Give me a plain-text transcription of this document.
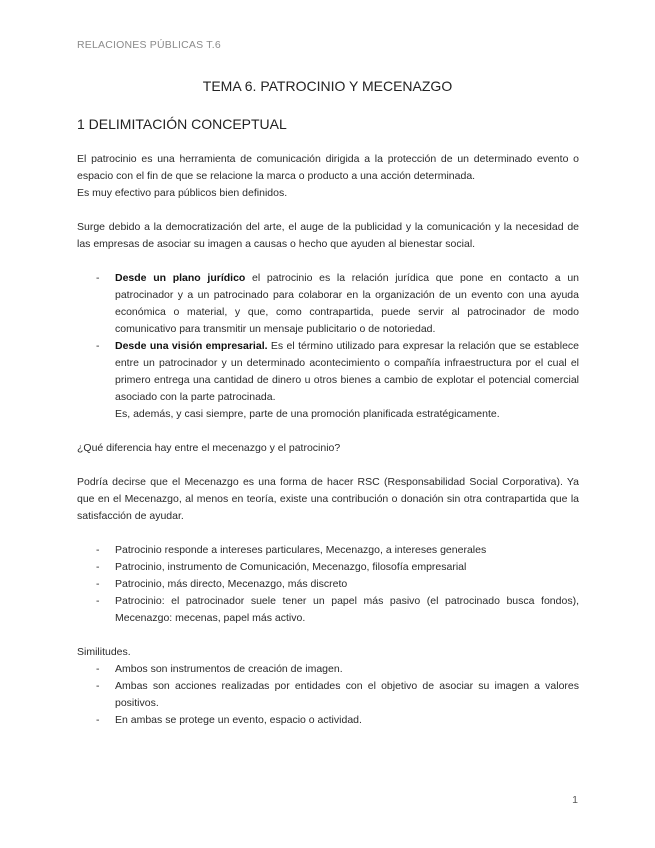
RELACIONES PÚBLICAS T.6
TEMA 6. PATROCINIO Y MECENAZGO
1 DELIMITACIÓN CONCEPTUAL

El patrocinio es una herramienta de comunicación dirigida a la protección de un determinado evento o espacio con el fin de que se relacione la marca o producto a una acción determinada.
Es muy efectivo para públicos bien definidos.

Surge debido a la democratización del arte, el auge de la publicidad y la comunicación y la necesidad de las empresas de asociar su imagen a causas o hecho que ayuden al bienestar social.

- Desde un plano jurídico el patrocinio es la relación jurídica que pone en contacto a un patrocinador y a un patrocinado para colaborar en la organización de un evento con una ayuda económica o material, y que, como contrapartida, puede servir al patrocinador de modo comunicativo para transmitir un mensaje publicitario o de notoriedad.
- Desde una visión empresarial. Es el término utilizado para expresar la relación que se establece entre un patrocinador y un determinado acontecimiento o compañía infraestructura por el cual el primero entrega una cantidad de dinero u otros bienes a cambio de explotar el potencial comercial asociado con la parte patrocinada.
Es, además, y casi siempre, parte de una promoción planificada estratégicamente.

¿Qué diferencia hay entre el mecenazgo y el patrocinio?

Podría decirse que el Mecenazgo es una forma de hacer RSC (Responsabilidad Social Corporativa). Ya que en el Mecenazgo, al menos en teoría, existe una contribución o donación sin otra contrapartida que la satisfacción de ayudar.

- Patrocinio responde a intereses particulares, Mecenazgo, a intereses generales
- Patrocinio, instrumento de Comunicación, Mecenazgo, filosofía empresarial
- Patrocinio, más directo, Mecenazgo, más discreto
- Patrocinio: el patrocinador suele tener un papel más pasivo (el patrocinado busca fondos), Mecenazgo: mecenas, papel más activo.

Similitudes.

- Ambos son instrumentos de creación de imagen.
- Ambas son acciones realizadas por entidades con el objetivo de asociar su imagen a valores positivos.
- En ambas se protege un evento, espacio o actividad.
1
